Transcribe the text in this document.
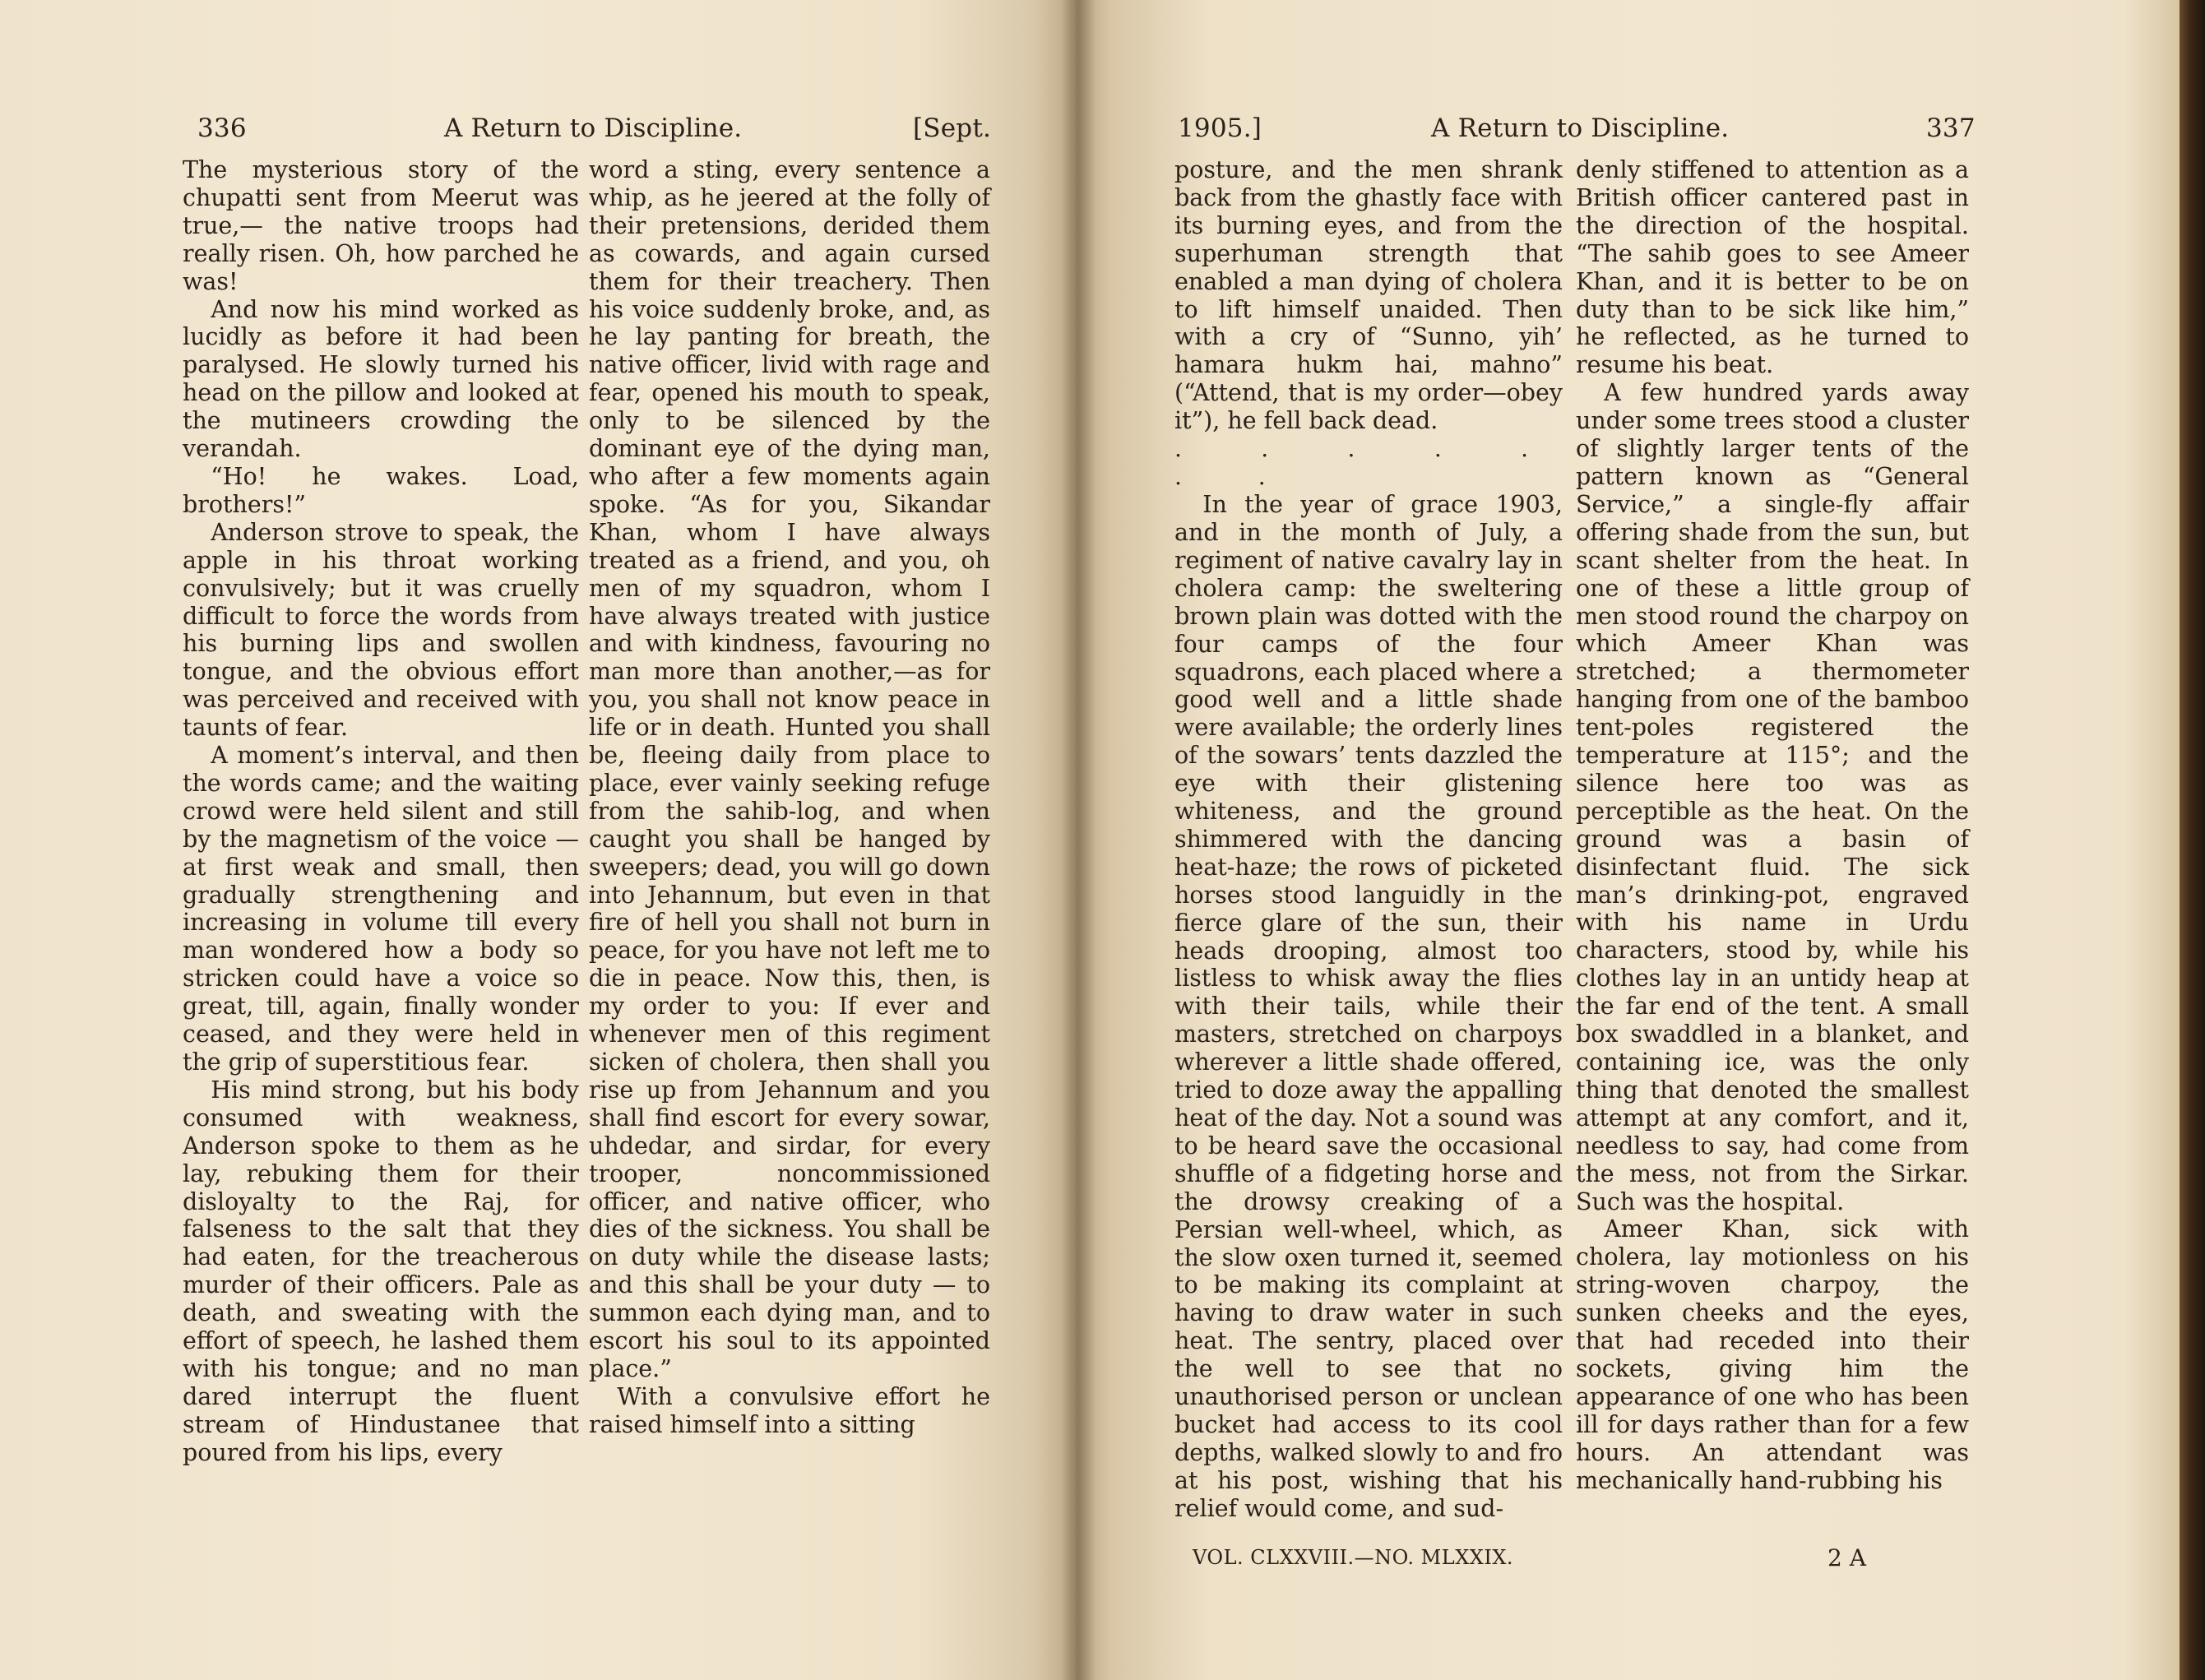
336	A Return to Discipline.	[Sept.

The mysterious story of the chupatti sent from Meerut was true,— the native troops had really risen. Oh, how parched he was!

And now his mind worked as lucidly as before it had been paralysed. He slowly turned his head on the pillow and looked at the mutineers crowding the verandah.

“Ho! he wakes. Load, brothers!”

Anderson strove to speak, the apple in his throat working convulsively; but it was cruelly difficult to force the words from his burning lips and swollen tongue, and the obvious effort was perceived and received with taunts of fear.

A moment’s interval, and then the words came; and the waiting crowd were held silent and still by the magnetism of the voice — at first weak and small, then gradually strengthening and increasing in volume till every man wondered how a body so stricken could have a voice so great, till, again, finally wonder ceased, and they were held in the grip of superstitious fear.

His mind strong, but his body consumed with weakness, Anderson spoke to them as he lay, rebuking them for their disloyalty to the Raj, for falseness to the salt that they had eaten, for the treacherous murder of their officers. Pale as death, and sweating with the effort of speech, he lashed them with his tongue; and no man dared interrupt the fluent stream of Hindustanee that poured from his lips, every

word a sting, every sentence a whip, as he jeered at the folly of their pretensions, derided them as cowards, and again cursed them for their treachery. Then his voice suddenly broke, and, as he lay panting for breath, the native officer, livid with rage and fear, opened his mouth to speak, only to be silenced by the dominant eye of the dying man, who after a few moments again spoke. “As for you, Sikandar Khan, whom I have always treated as a friend, and you, oh men of my squadron, whom I have always treated with justice and with kindness, favouring no man more than another,—as for you, you shall not know peace in life or in death. Hunted you shall be, fleeing daily from place to place, ever vainly seeking refuge from the sahib-log, and when caught you shall be hanged by sweepers; dead, you will go down into Jehannum, but even in that fire of hell you shall not burn in peace, for you have not left me to die in peace. Now this, then, is my order to you: If ever and whenever men of this regiment sicken of cholera, then shall you rise up from Jehannum and you shall find escort for every sowar, uhdedar, and sirdar, for every trooper, noncommissioned officer, and native officer, who dies of the sickness. You shall be on duty while the disease lasts; and this shall be your duty — to summon each dying man, and to escort his soul to its appointed place.”

With a convulsive effort he raised himself into a sitting

1905.]	A Return to Discipline.	337

posture, and the men shrank back from the ghastly face with its burning eyes, and from the superhuman strength that enabled a man dying of cholera to lift himself unaided. Then with a cry of “Sunno, yih’ hamara hukm hai, mahno” (“Attend, that is my order—obey it”), he fell back dead.

. . . . . . .

In the year of grace 1903, and in the month of July, a regiment of native cavalry lay in cholera camp: the sweltering brown plain was dotted with the four camps of the four squadrons, each placed where a good well and a little shade were available; the orderly lines of the sowars’ tents dazzled the eye with their glistening whiteness, and the ground shimmered with the dancing heat-haze; the rows of picketed horses stood languidly in the fierce glare of the sun, their heads drooping, almost too listless to whisk away the flies with their tails, while their masters, stretched on charpoys wherever a little shade offered, tried to doze away the appalling heat of the day. Not a sound was to be heard save the occasional shuffle of a fidgeting horse and the drowsy creaking of a Persian well-wheel, which, as the slow oxen turned it, seemed to be making its complaint at having to draw water in such heat. The sentry, placed over the well to see that no unauthorised person or unclean bucket had access to its cool depths, walked slowly to and fro at his post, wishing that his relief would come, and sud-

denly stiffened to attention as a British officer cantered past in the direction of the hospital. “The sahib goes to see Ameer Khan, and it is better to be on duty than to be sick like him,” he reflected, as he turned to resume his beat.

A few hundred yards away under some trees stood a cluster of slightly larger tents of the pattern known as “General Service,” a single-fly affair offering shade from the sun, but scant shelter from the heat. In one of these a little group of men stood round the charpoy on which Ameer Khan was stretched; a thermometer hanging from one of the bamboo tent-poles registered the temperature at 115°; and the silence here too was as perceptible as the heat. On the ground was a basin of disinfectant fluid. The sick man’s drinking-pot, engraved with his name in Urdu characters, stood by, while his clothes lay in an untidy heap at the far end of the tent. A small box swaddled in a blanket, and containing ice, was the only thing that denoted the smallest attempt at any comfort, and it, needless to say, had come from the mess, not from the Sirkar. Such was the hospital.

Ameer Khan, sick with cholera, lay motionless on his string-woven charpoy, the sunken cheeks and the eyes, that had receded into their sockets, giving him the appearance of one who has been ill for days rather than for a few hours. An attendant was mechanically hand-rubbing his

VOL. CLXXVIII.—NO. MLXXIX.	2 A
